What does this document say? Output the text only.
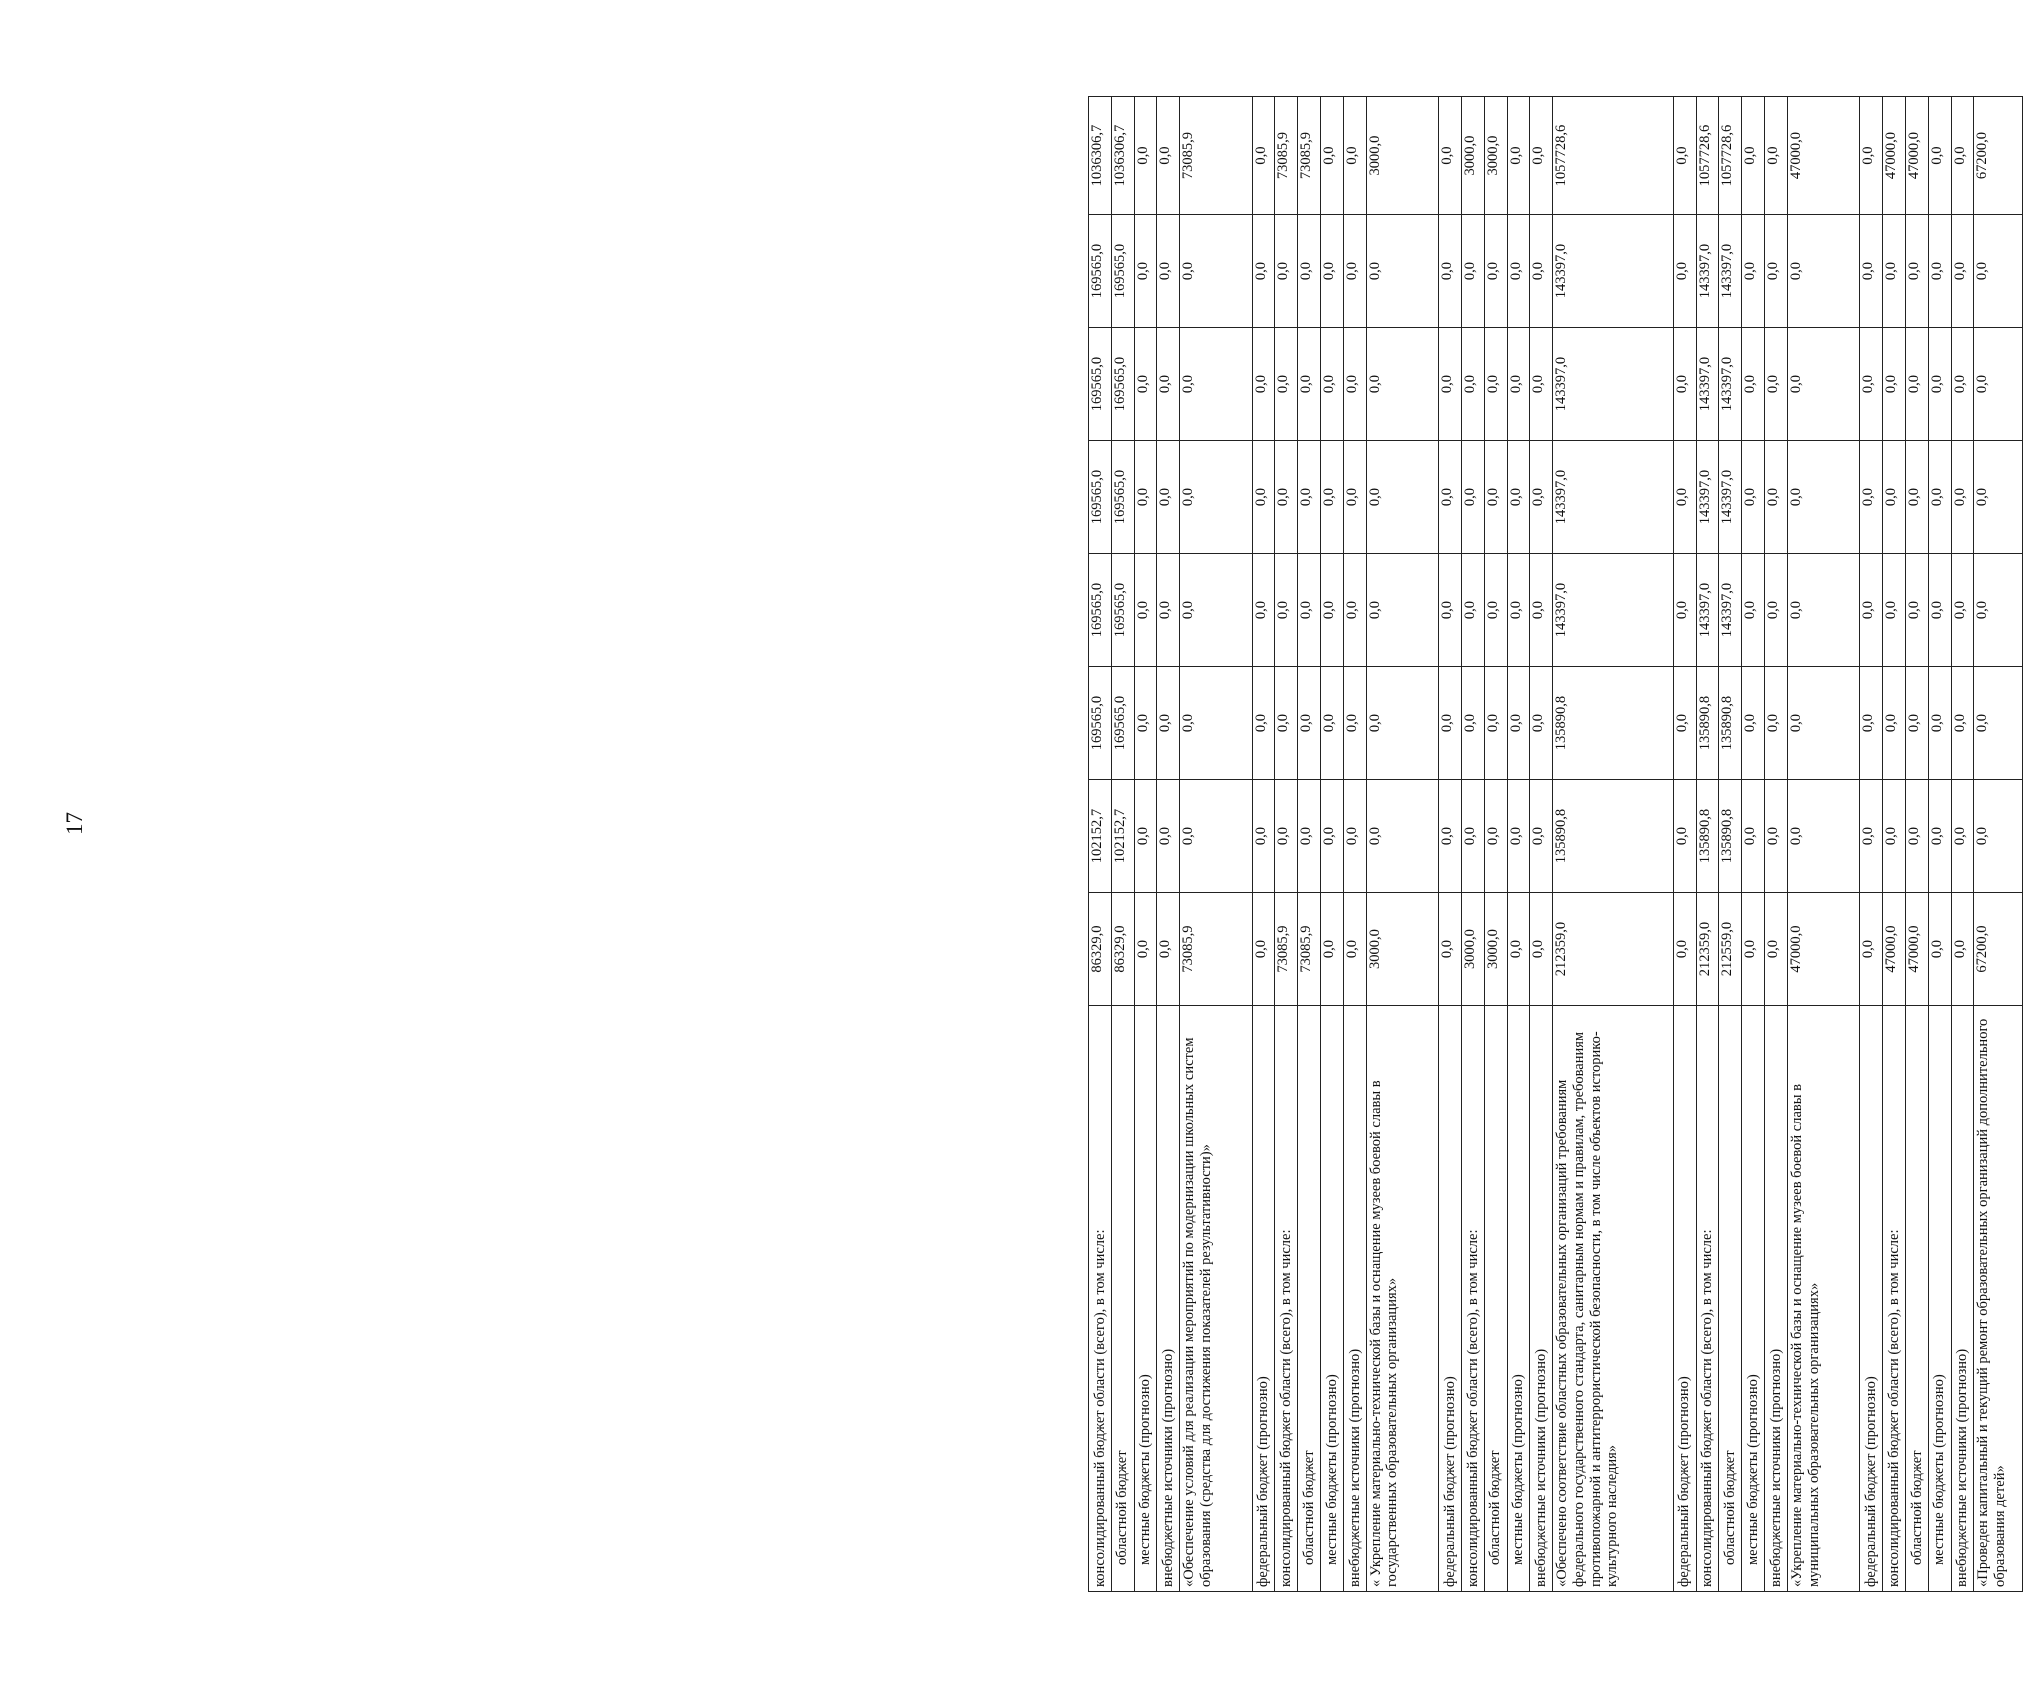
17
консолидированный бюджет области (всего), в том числе:	86329,0	102152,7	169565,0	169565,0	169565,0	169565,0	169565,0	1036306,7
областной бюджет	86329,0	102152,7	169565,0	169565,0	169565,0	169565,0	169565,0	1036306,7
местные бюджеты (прогнозно)	0,0	0,0	0,0	0,0	0,0	0,0	0,0	0,0
внебюджетные источники (прогнозно)	0,0	0,0	0,0	0,0	0,0	0,0	0,0	0,0
«Обеспечение условий для реализации мероприятий по модернизации школьных систем образования (средства для достижения показателей результативности)»	73085,9	0,0	0,0	0,0	0,0	0,0	0,0	73085,9
федеральный бюджет (прогнозно)	0,0	0,0	0,0	0,0	0,0	0,0	0,0	0,0
консолидированный бюджет области (всего), в том числе:	73085,9	0,0	0,0	0,0	0,0	0,0	0,0	73085,9
областной бюджет	73085,9	0,0	0,0	0,0	0,0	0,0	0,0	73085,9
местные бюджеты (прогнозно)	0,0	0,0	0,0	0,0	0,0	0,0	0,0	0,0
внебюджетные источники (прогнозно)	0,0	0,0	0,0	0,0	0,0	0,0	0,0	0,0
« Укрепление материально-технической базы и оснащение музеев боевой славы в государственных образовательных организациях»	3000,0	0,0	0,0	0,0	0,0	0,0	0,0	3000,0
федеральный бюджет (прогнозно)	0,0	0,0	0,0	0,0	0,0	0,0	0,0	0,0
консолидированный бюджет области (всего), в том числе:	3000,0	0,0	0,0	0,0	0,0	0,0	0,0	3000,0
областной бюджет	3000,0	0,0	0,0	0,0	0,0	0,0	0,0	3000,0
местные бюджеты (прогнозно)	0,0	0,0	0,0	0,0	0,0	0,0	0,0	0,0
внебюджетные источники (прогнозно)	0,0	0,0	0,0	0,0	0,0	0,0	0,0	0,0
«Обеспечено соответствие областных образовательных организаций требованиям федерального государственного стандарта, санитарным нормам и правилам, требованиям противопожарной и антитеррористической безопасности, в том числе объектов историко-культурного наследия»	212359,0	135890,8	135890,8	143397,0	143397,0	143397,0	143397,0	1057728,6
федеральный бюджет (прогнозно)	0,0	0,0	0,0	0,0	0,0	0,0	0,0	0,0
консолидированный бюджет области (всего), в том числе:	212359,0	135890,8	135890,8	143397,0	143397,0	143397,0	143397,0	1057728,6
областной бюджет	212559,0	135890,8	135890,8	143397,0	143397,0	143397,0	143397,0	1057728,6
местные бюджеты (прогнозно)	0,0	0,0	0,0	0,0	0,0	0,0	0,0	0,0
внебюджетные источники (прогнозно)	0,0	0,0	0,0	0,0	0,0	0,0	0,0	0,0
«Укрепление материально-технической базы и оснащение музеев боевой славы в муниципальных образовательных организациях»	47000,0	0,0	0,0	0,0	0,0	0,0	0,0	47000,0
федеральный бюджет (прогнозно)	0,0	0,0	0,0	0,0	0,0	0,0	0,0	0,0
консолидированный бюджет области (всего), в том числе:	47000,0	0,0	0,0	0,0	0,0	0,0	0,0	47000,0
областной бюджет	47000,0	0,0	0,0	0,0	0,0	0,0	0,0	47000,0
местные бюджеты (прогнозно)	0,0	0,0	0,0	0,0	0,0	0,0	0,0	0,0
внебюджетные источники (прогнозно)	0,0	0,0	0,0	0,0	0,0	0,0	0,0	0,0
«Проведен капитальный и текущий ремонт образовательных организаций дополнительного образования детей»	67200,0	0,0	0,0	0,0	0,0	0,0	0,0	67200,0
